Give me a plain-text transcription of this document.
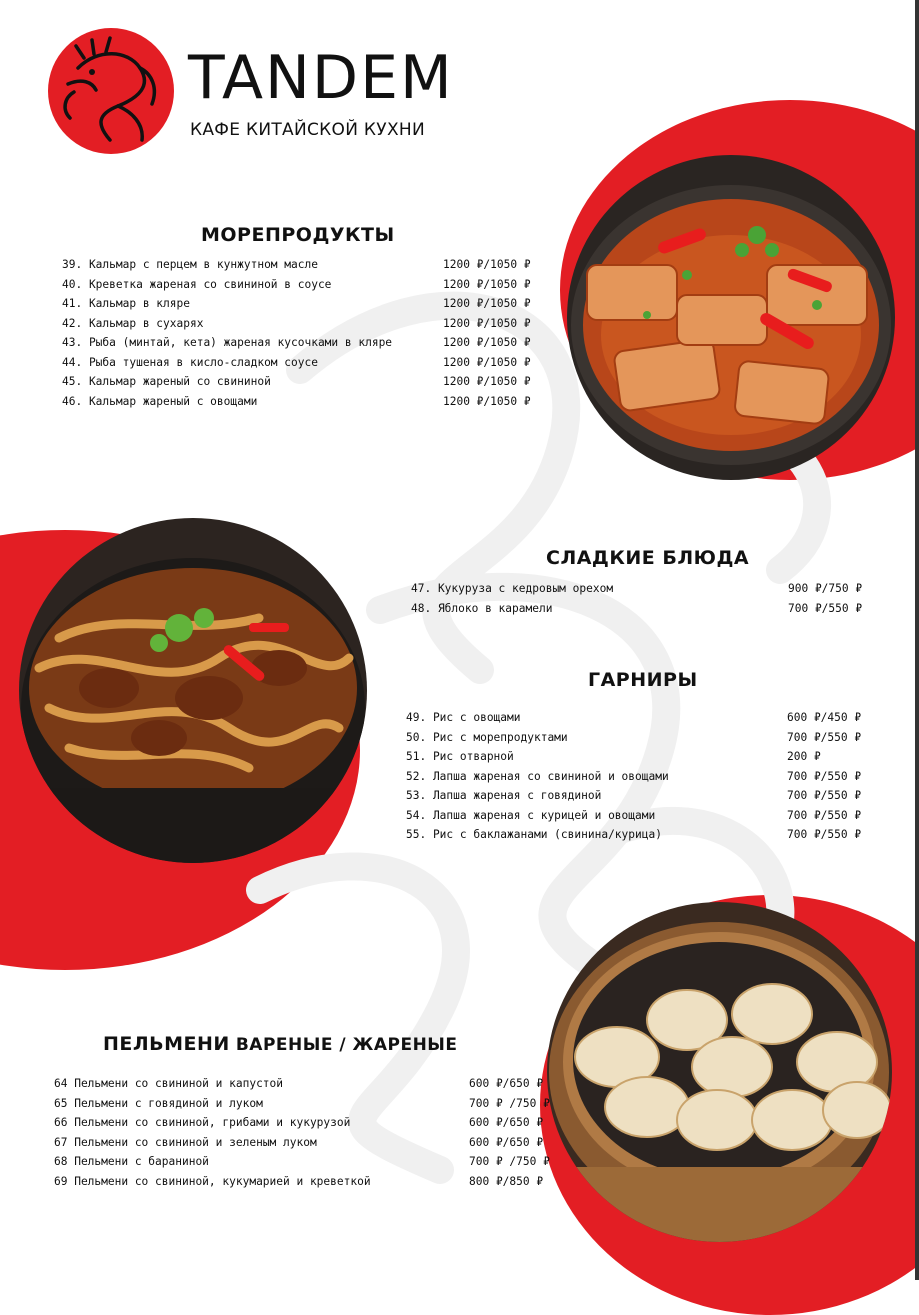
TANDEM
КАФЕ КИТАЙСКОЙ КУХНИ
МОРЕПРОДУКТЫ
39. Кальмар с перцем в кунжутном масле	1200 ₽/1050 ₽
40. Креветка жареная со свининой в соусе	1200 ₽/1050 ₽
41. Кальмар в кляре	1200 ₽/1050 ₽
42. Кальмар в сухарях	1200 ₽/1050 ₽
43. Рыба (минтай, кета) жареная кусочками в кляре	1200 ₽/1050 ₽
44. Рыба тушеная в кисло-сладком соусе	1200 ₽/1050 ₽
45. Кальмар жареный со свининой	1200 ₽/1050 ₽
46. Кальмар жареный с овощами	1200 ₽/1050 ₽
СЛАДКИЕ БЛЮДА
47. Кукуруза с кедровым орехом	900 ₽/750 ₽
48. Яблоко в карамели	700 ₽/550 ₽
ГАРНИРЫ
49. Рис с овощами	600 ₽/450 ₽
50. Рис с морепродуктами	700 ₽/550 ₽
51. Рис отварной	200 ₽
52. Лапша жареная со свининой и овощами	700 ₽/550 ₽
53. Лапша жареная с говядиной	700 ₽/550 ₽
54. Лапша жареная с курицей и овощами	700 ₽/550 ₽
55. Рис с баклажанами (свинина/курица)	700 ₽/550 ₽
ПЕЛЬМЕНИ ВАРЕНЫЕ / ЖАРЕНЫЕ
64 Пельмени со свининой и капустой	600 ₽/650 ₽
65 Пельмени с говядиной и луком	700 ₽ /750 ₽
66 Пельмени со свининой, грибами и кукурузой	600 ₽/650 ₽
67 Пельмени со свининой и зеленым луком	600 ₽/650 ₽
68 Пельмени с бараниной	700 ₽ /750 ₽
69 Пельмени со свининой, кукумарией и креветкой	800 ₽/850 ₽
